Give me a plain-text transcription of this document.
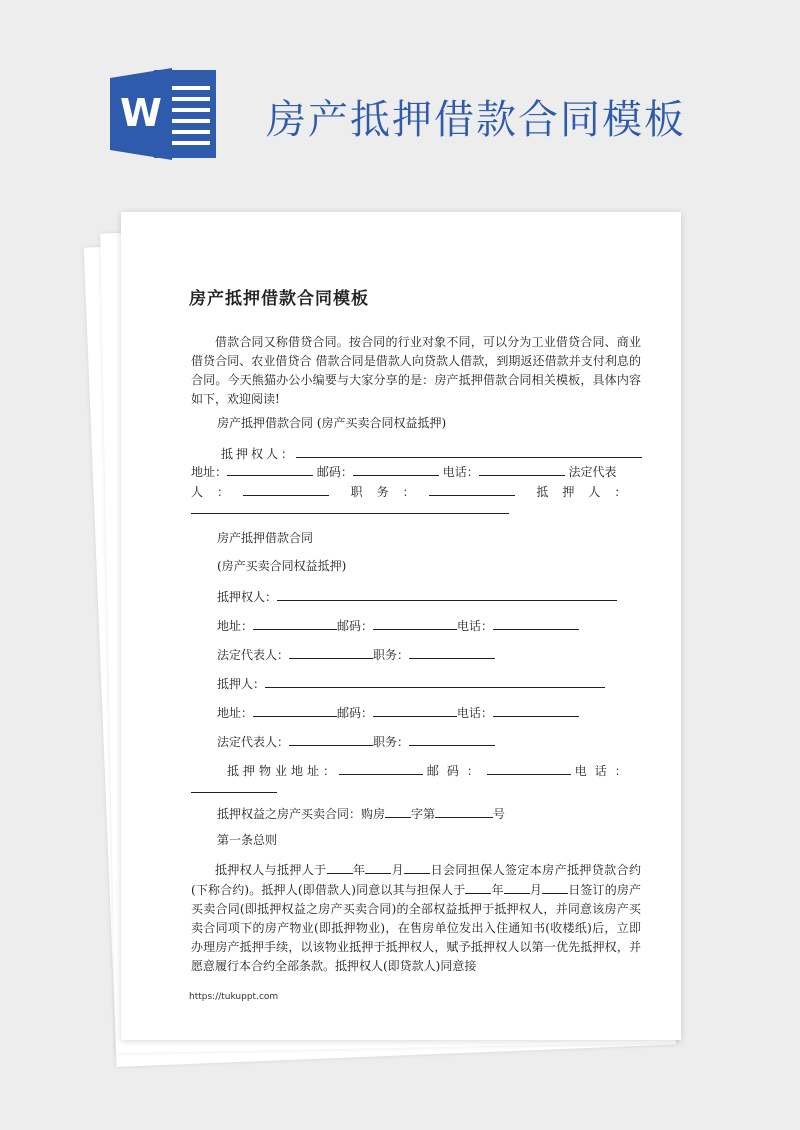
W	房产抵押借款合同模板
房产抵押借款合同模板
借款合同又称借贷合同。按合同的行业对象不同，可以分为工业借贷合同、商业借贷合同、农业借贷合 借款合同是借款人向贷款人借款，到期返还借款并支付利息的合同。今天熊猫办公小编要与大家分享的是：房产抵押借款合同相关模板，具体内容如下，欢迎阅读!
房产抵押借款合同 (房产买卖合同权益抵押)
抵押权人：
地址：	邮码：	电话：	法定代表
人：	职务：	抵押人：
房产抵押借款合同
(房产买卖合同权益抵押)
抵押权人：
地址：	邮码：	电话：
法定代表人：	职务：
抵押人：
地址：	邮码：	电话：
法定代表人：	职务：
抵押物业地址：	邮码：	电话：
抵押权益之房产买卖合同：购房 字第	号
第一条总则
抵押权人与抵押人于 年 月 日会同担保人签定本房产抵押贷款合约(下称合约)。抵押人(即借款人)同意以其与担保人于 年 月 日签订的房产买卖合同(即抵押权益之房产买卖合同)的全部权益抵押于抵押权人，并同意该房产买卖合同项下的房产物业(即抵押物业)，在售房单位发出入住通知书(收楼纸)后，立即办理房产抵押手续，以该物业抵押于抵押权人，赋予抵押权人以第一优先抵押权，并愿意履行本合约全部条款。抵押权人(即贷款人)同意接
https://tukuppt.com
